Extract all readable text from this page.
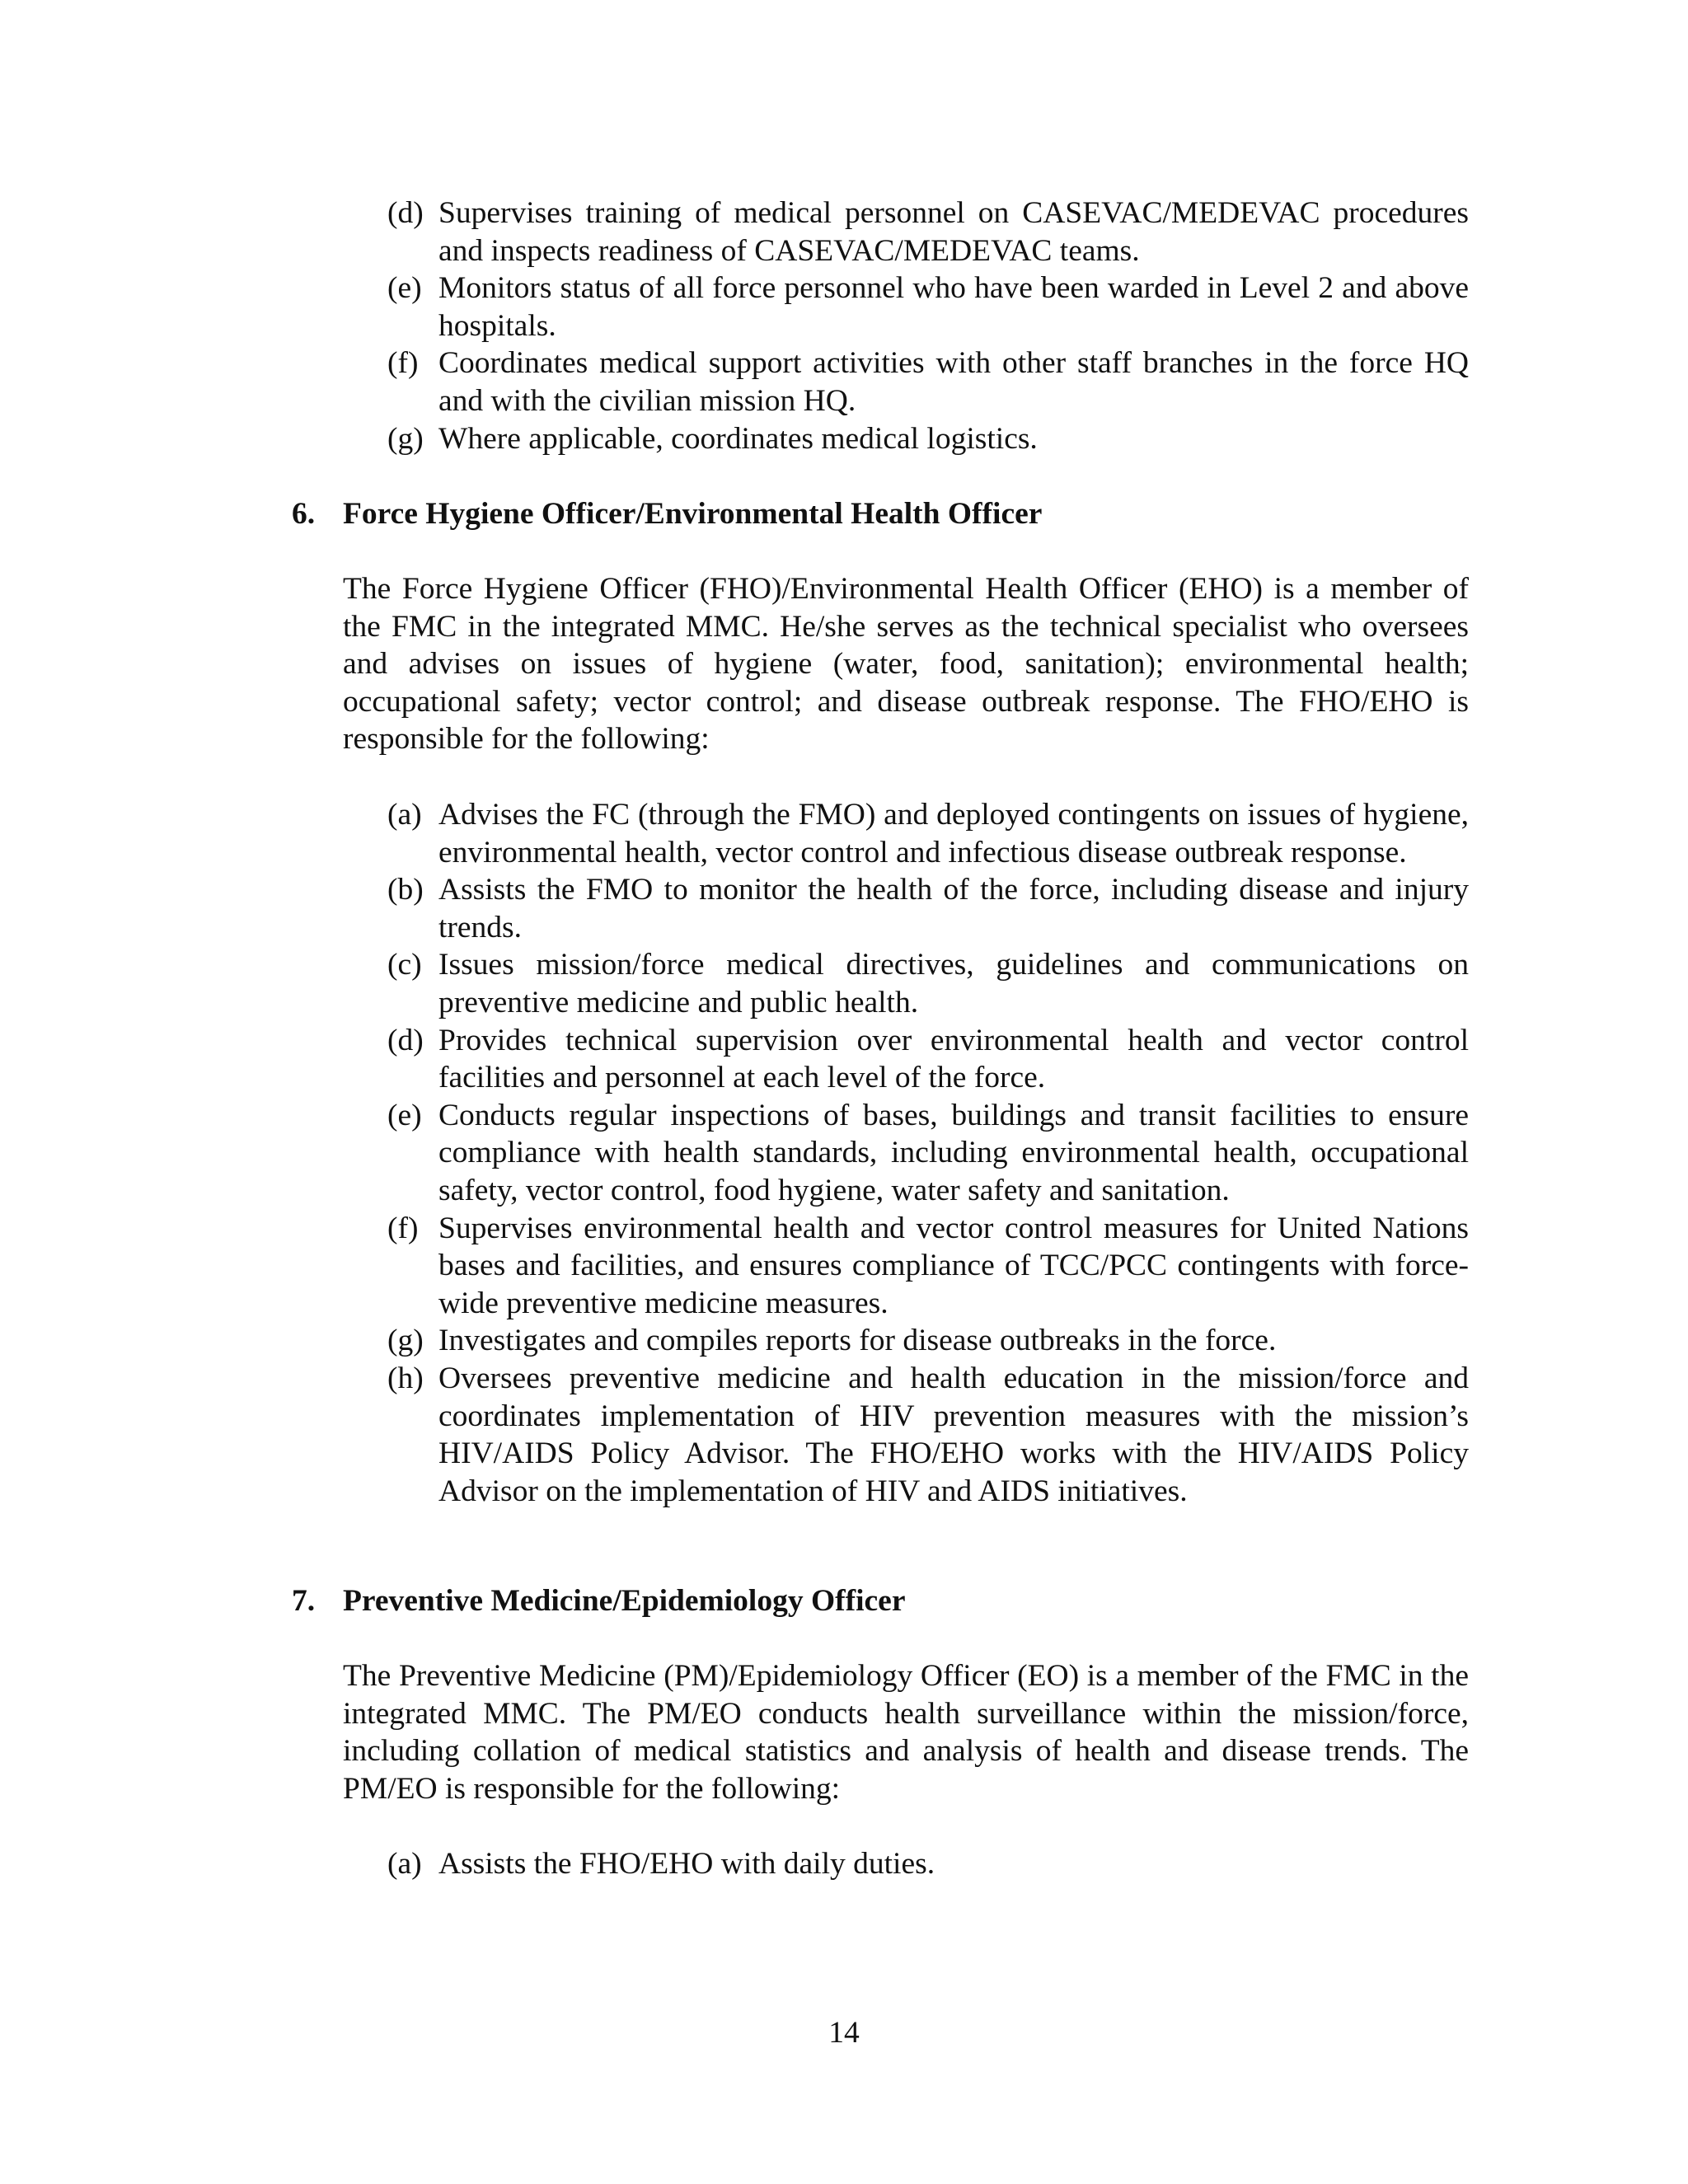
(d) Supervises training of medical personnel on CASEVAC/MEDEVAC procedures and inspects readiness of CASEVAC/MEDEVAC teams.
(e) Monitors status of all force personnel who have been warded in Level 2 and above hospitals.
(f) Coordinates medical support activities with other staff branches in the force HQ and with the civilian mission HQ.
(g) Where applicable, coordinates medical logistics.
6. Force Hygiene Officer/Environmental Health Officer

The Force Hygiene Officer (FHO)/Environmental Health Officer (EHO) is a member of the FMC in the integrated MMC. He/she serves as the technical specialist who oversees and advises on issues of hygiene (water, food, sanitation); environmental health; occupational safety; vector control; and disease outbreak response. The FHO/EHO is responsible for the following:

(a) Advises the FC (through the FMO) and deployed contingents on issues of hygiene, environmental health, vector control and infectious disease outbreak response.
(b) Assists the FMO to monitor the health of the force, including disease and injury trends.
(c) Issues mission/force medical directives, guidelines and communications on preventive medicine and public health.
(d) Provides technical supervision over environmental health and vector control facilities and personnel at each level of the force.
(e) Conducts regular inspections of bases, buildings and transit facilities to ensure compliance with health standards, including environmental health, occupational safety, vector control, food hygiene, water safety and sanitation.
(f) Supervises environmental health and vector control measures for United Nations bases and facilities, and ensures compliance of TCC/PCC contingents with force-wide preventive medicine measures.
(g) Investigates and compiles reports for disease outbreaks in the force.
(h) Oversees preventive medicine and health education in the mission/force and coordinates implementation of HIV prevention measures with the mission’s HIV/AIDS Policy Advisor. The FHO/EHO works with the HIV/AIDS Policy Advisor on the implementation of HIV and AIDS initiatives.
7. Preventive Medicine/Epidemiology Officer

The Preventive Medicine (PM)/Epidemiology Officer (EO) is a member of the FMC in the integrated MMC. The PM/EO conducts health surveillance within the mission/force, including collation of medical statistics and analysis of health and disease trends. The PM/EO is responsible for the following:

(a) Assists the FHO/EHO with daily duties.
14
